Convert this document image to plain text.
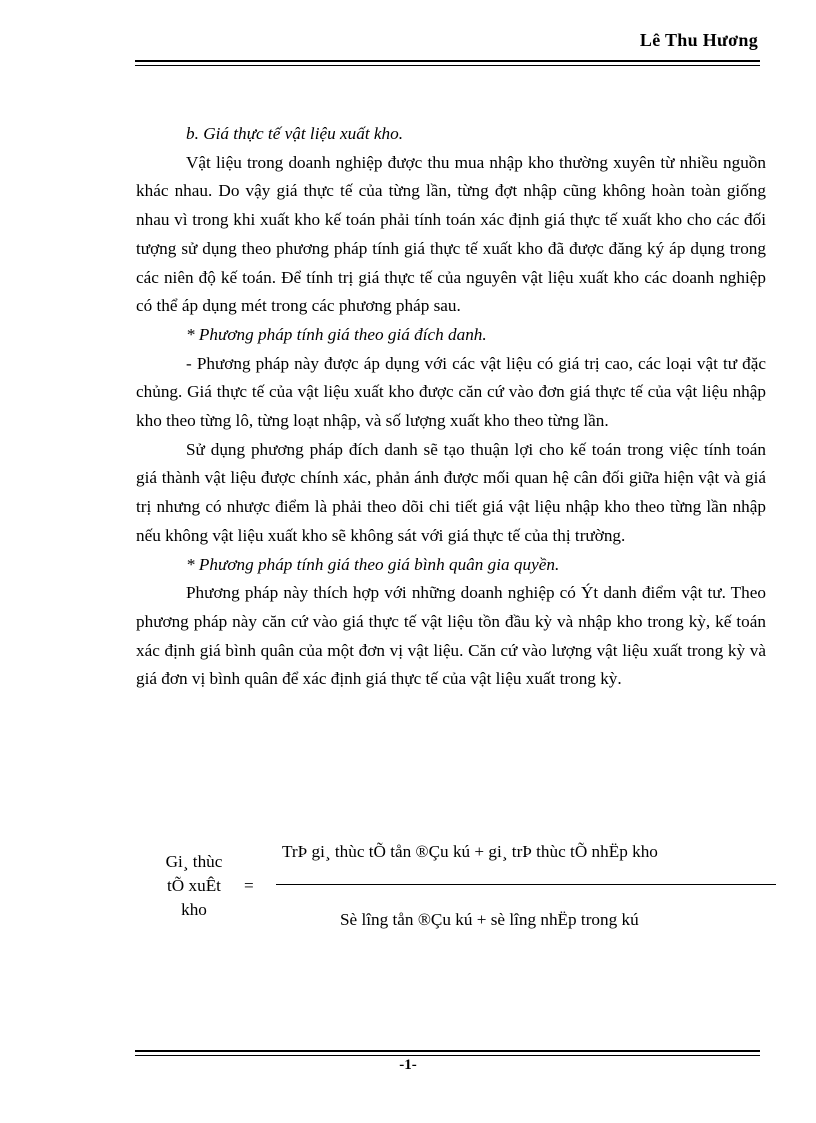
Lê Thu Hương

b. Giá thực tế vật liệu xuất kho.

Vật liệu trong doanh nghiệp được thu mua nhập kho thường xuyên từ nhiều nguồn khác nhau. Do vậy giá thực tế của từng lần, từng đợt nhập cũng không hoàn toàn giống nhau vì trong khi xuất kho kế toán phải tính toán xác định giá thực tế xuất kho cho các đối tượng sử dụng theo phương pháp tính giá thực tế xuất kho đã được đăng ký áp dụng trong các niên độ kế toán. Để tính trị giá thực tế của nguyên vật liệu xuất kho các doanh nghiệp có thể áp dụng mét trong các phương pháp sau.

* Phương pháp tính giá theo giá đích danh.

- Phương pháp này được áp dụng với các vật liệu có giá trị cao, các loại vật tư đặc chủng. Giá thực tế của vật liệu xuất kho được căn cứ vào đơn giá thực tế của vật liệu nhập kho theo từng lô, từng loạt nhập, và số lượng xuất kho theo từng lần.

Sử dụng phương pháp đích danh sẽ tạo thuận lợi cho kế toán trong việc tính toán giá thành vật liệu được chính xác, phản ánh được mối quan hệ cân đối giữa hiện vật và giá trị nhưng có nhược điểm là phải theo dõi chi tiết giá vật liệu nhập kho theo từng lần nhập nếu không vật liệu xuất kho sẽ không sát với giá thực tế của thị trường.

* Phương pháp tính giá theo giá bình quân gia quyền.

Phương pháp này thích hợp với những doanh nghiệp có Ýt danh điểm vật tư. Theo phương pháp này căn cứ vào giá thực tế vật liệu tồn đầu kỳ và nhập kho trong kỳ, kế toán xác định giá bình quân của một đơn vị vật liệu. Căn cứ vào lượng vật liệu xuất trong kỳ và giá đơn vị bình quân để xác định giá thực tế của vật liệu xuất trong kỳ.

Gi¸ thùc
tÕ xuÊt
kho
=
TrÞ gi¸ thùc tÕ tån ®Çu kú + gi¸ trÞ thùc tÕ nhËp kho
Sè lîng tån ®Çu kú + sè lîng nhËp trong kú
-1-
